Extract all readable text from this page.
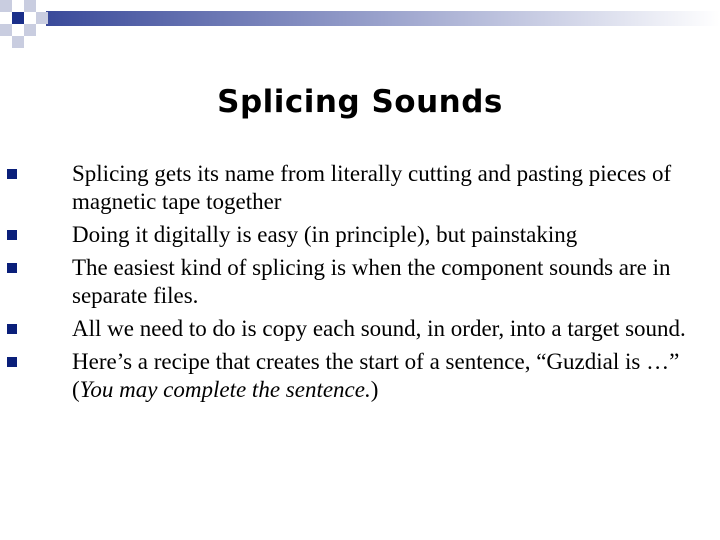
Splicing Sounds
Splicing gets its name from literally cutting and pasting pieces of magnetic tape together
Doing it digitally is easy (in principle), but painstaking
The easiest kind of splicing is when the component sounds are in separate files.
All we need to do is copy each sound, in order, into a target sound.
Here’s a recipe that creates the start of a sentence, “Guzdial is …” (You may complete the sentence.)
